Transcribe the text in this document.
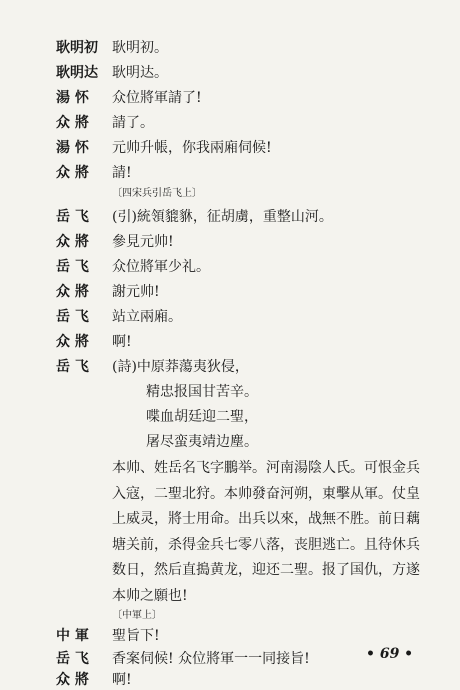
耿明初	耿明初。
耿明达	耿明达。
湯 怀	众位將軍請了!
众 將	請了。
湯 怀	元帅升帳，你我兩廂伺候!
众 將	請!
〔四宋兵引岳飞上〕
岳 飞	(引)統領貔貅，征胡虜，重整山河。
众 將	參見元帅!
岳 飞	众位將軍少礼。
众 將	謝元帅!
岳 飞	站立兩廂。
众 將	啊!
岳 飞	(詩)中原莽蕩夷狄侵，
精忠报国甘苦辛。
喋血胡廷迎二聖，
屠尽蛮夷靖边塵。
本帅、姓岳名飞字鵬举。河南湯陰人氏。可恨金兵入寇，二聖北狩。本帅發奋河朔，東擊从軍。仗皇上威灵，將士用命。出兵以來，战無不胜。前日藕塘关前，杀得金兵七零八落，丧胆逃亡。且待休兵数日，然后直搗黄龙，迎还二聖。报了国仇，方遂本帅之願也!
〔中軍上〕
中 軍	聖旨下!
岳 飞	香案伺候! 众位將軍一一同接旨!
众 將	啊!
• 69 •
